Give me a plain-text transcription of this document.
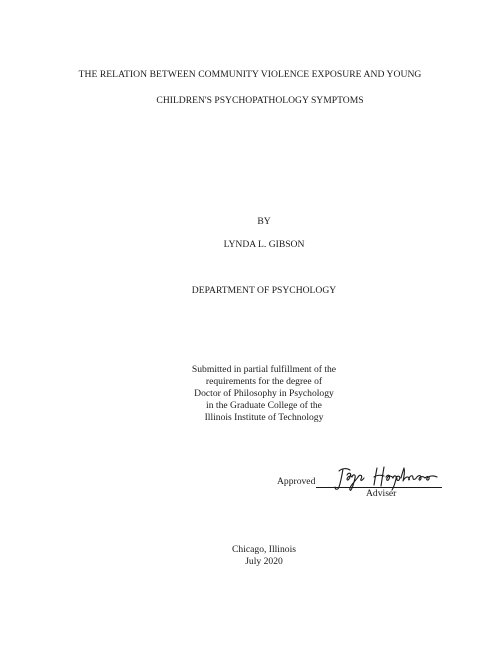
THE RELATION BETWEEN COMMUNITY VIOLENCE EXPOSURE AND YOUNG
CHILDREN'S PSYCHOPATHOLOGY SYMPTOMS
BY
LYNDA L. GIBSON
DEPARTMENT OF PSYCHOLOGY
Submitted in partial fulfillment of the
requirements for the degree of
Doctor of Philosophy in Psychology
in the Graduate College of the
Illinois Institute of Technology
Approved
Adviser
Chicago, Illinois
July 2020
